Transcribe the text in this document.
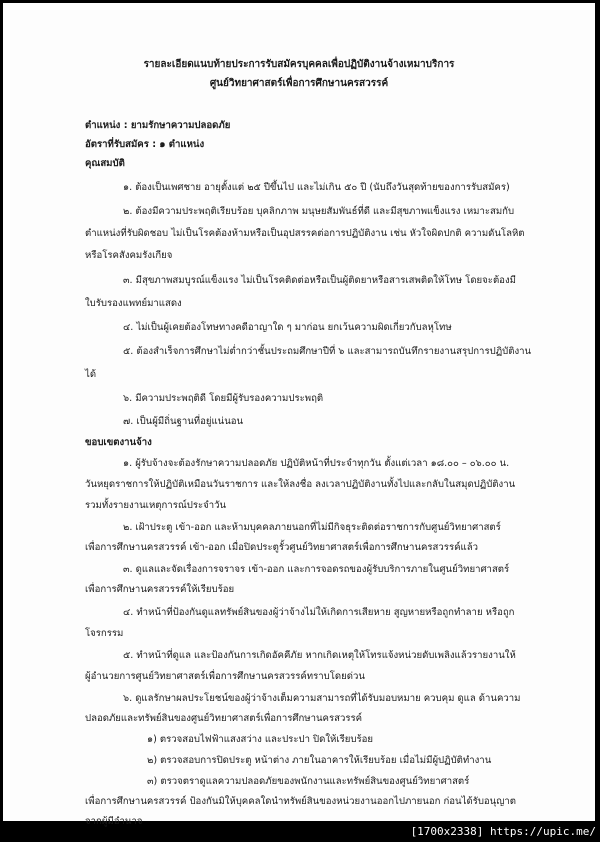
รายละเอียดแนบท้ายประการรับสมัครบุคคลเพื่อปฏิบัติงานจ้างเหมาบริการ
ศูนย์วิทยาศาสตร์เพื่อการศึกษานครสวรรค์
ตำแหน่ง : ยามรักษาความปลอดภัย
อัตราที่รับสมัคร : ๑ ตำแหน่ง
คุณสมบัติ
๑. ต้องเป็นเพศชาย อายุตั้งแต่ ๒๕ ปีขึ้นไป และไม่เกิน ๕๐ ปี (นับถึงวันสุดท้ายของการรับสมัคร)
๒. ต้องมีความประพฤติเรียบร้อย บุคลิกภาพ มนุษยสัมพันธ์ที่ดี และมีสุขภาพแข็งแรง เหมาะสมกับ
ตำแหน่งที่รับผิดชอบ ไม่เป็นโรคต้องห้ามหรือเป็นอุปสรรคต่อการปฏิบัติงาน เช่น หัวใจผิดปกติ ความดันโลหิต
หรือโรคสังคมรังเกียจ
๓. มีสุขภาพสมบูรณ์แข็งแรง ไม่เป็นโรคติดต่อหรือเป็นผู้ติดยาหรือสารเสพติดให้โทษ โดยจะต้องมี
ใบรับรองแพทย์มาแสดง
๔. ไม่เป็นผู้เคยต้องโทษทางคดีอาญาใด ๆ มาก่อน ยกเว้นความผิดเกี่ยวกับลหุโทษ
๕. ต้องสำเร็จการศึกษาไม่ต่ำกว่าชั้นประถมศึกษาปีที่ ๖ และสามารถบันทึกรายงานสรุปการปฏิบัติงาน
ได้
๖. มีความประพฤติดี โดยมีผู้รับรองความประพฤติ
๗. เป็นผู้มีถิ่นฐานที่อยู่แน่นอน
ขอบเขตงานจ้าง
๑. ผู้รับจ้างจะต้องรักษาความปลอดภัย ปฏิบัติหน้าที่ประจำทุกวัน ตั้งแต่เวลา ๑๘.๐๐ – ๐๖.๐๐ น.
วันหยุดราชการให้ปฏิบัติเหมือนวันราชการ และให้ลงชื่อ ลงเวลาปฏิบัติงานทั้งไปและกลับในสมุดปฏิบัติงาน
รวมทั้งรายงานเหตุการณ์ประจำวัน
๒. เฝ้าประตู เข้า-ออก และห้ามบุคคลภายนอกที่ไม่มีกิจธุระติดต่อราชการกับศูนย์วิทยาศาสตร์
เพื่อการศึกษานครสวรรค์ เข้า-ออก เมื่อปิดประตูรั้วศูนย์วิทยาศาสตร์เพื่อการศึกษานครสวรรค์แล้ว
๓. ดูแลและจัดเรื่องการจราจร เข้า-ออก และการจอดรถของผู้รับบริการภายในศูนย์วิทยาศาสตร์
เพื่อการศึกษานครสวรรค์ให้เรียบร้อย
๔. ทำหน้าที่ป้องกันดูแลทรัพย์สินของผู้ว่าจ้างไม่ให้เกิดการเสียหาย สูญหายหรือถูกทำลาย หรือถูก
โจรกรรม
๕. ทำหน้าที่ดูแล และป้องกันการเกิดอัคคีภัย หากเกิดเหตุให้โทรแจ้งหน่วยดับเพลิงแล้วรายงานให้
ผู้อำนวยการศูนย์วิทยาศาสตร์เพื่อการศึกษานครสวรรค์ทราบโดยด่วน
๖. ดูแลรักษาผลประโยชน์ของผู้ว่าจ้างเต็มความสามารถที่ได้รับมอบหมาย ควบคุม ดูแล ด้านความ
ปลอดภัยและทรัพย์สินของศูนย์วิทยาศาสตร์เพื่อการศึกษานครสวรรค์
๑) ตรวจสอบไฟฟ้าแสงสว่าง และประปา ปิดให้เรียบร้อย
๒) ตรวจสอบการปิดประตู หน้าต่าง ภายในอาคารให้เรียบร้อย เมื่อไม่มีผู้ปฏิบัติทำงาน
๓) ตรวจตราดูแลความปลอดภัยของพนักงานและทรัพย์สินของศูนย์วิทยาศาสตร์
เพื่อการศึกษานครสวรรค์ ป้องกันมิให้บุคคลใดนำทรัพย์สินของหน่วยงานออกไปภายนอก ก่อนได้รับอนุญาต
จากผู้มีอำนาจ
[1700x2338] https://upic.me/
